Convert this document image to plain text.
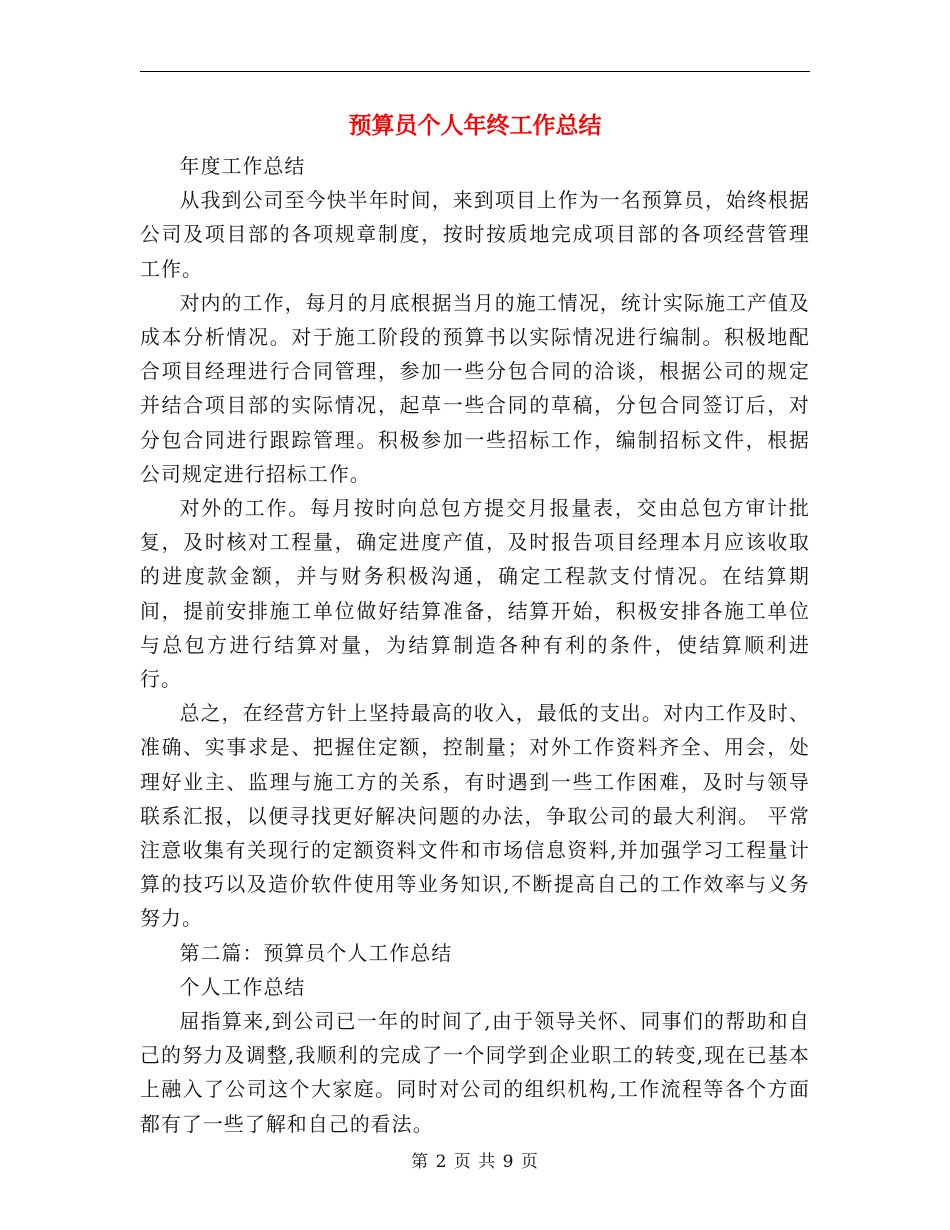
预算员个人年终工作总结

年度工作总结

从我到公司至今快半年时间，来到项目上作为一名预算员，始终根据公司及项目部的各项规章制度，按时按质地完成项目部的各项经营管理工作。

对内的工作，每月的月底根据当月的施工情况，统计实际施工产值及成本分析情况。对于施工阶段的预算书以实际情况进行编制。积极地配合项目经理进行合同管理，参加一些分包合同的洽谈，根据公司的规定并结合项目部的实际情况，起草一些合同的草稿，分包合同签订后，对分包合同进行跟踪管理。积极参加一些招标工作，编制招标文件，根据公司规定进行招标工作。

对外的工作。每月按时向总包方提交月报量表，交由总包方审计批复，及时核对工程量，确定进度产值，及时报告项目经理本月应该收取的进度款金额，并与财务积极沟通，确定工程款支付情况。在结算期间，提前安排施工单位做好结算准备，结算开始，积极安排各施工单位与总包方进行结算对量，为结算制造各种有利的条件，使结算顺利进行。

总之，在经营方针上坚持最高的收入，最低的支出。对内工作及时、准确、实事求是、把握住定额，控制量；对外工作资料齐全、用会，处理好业主、监理与施工方的关系，有时遇到一些工作困难，及时与领导联系汇报，以便寻找更好解决问题的办法，争取公司的最大利润。 平常注意收集有关现行的定额资料文件和市场信息资料,并加强学习工程量计算的技巧以及造价软件使用等业务知识,不断提高自己的工作效率与义务努力。

第二篇：预算员个人工作总结

个人工作总结

屈指算来,到公司已一年的时间了,由于领导关怀、同事们的帮助和自己的努力及调整,我顺利的完成了一个同学到企业职工的转变,现在已基本上融入了公司这个大家庭。同时对公司的组织机构,工作流程等各个方面都有了一些了解和自己的看法。

第 2 页 共 9 页
